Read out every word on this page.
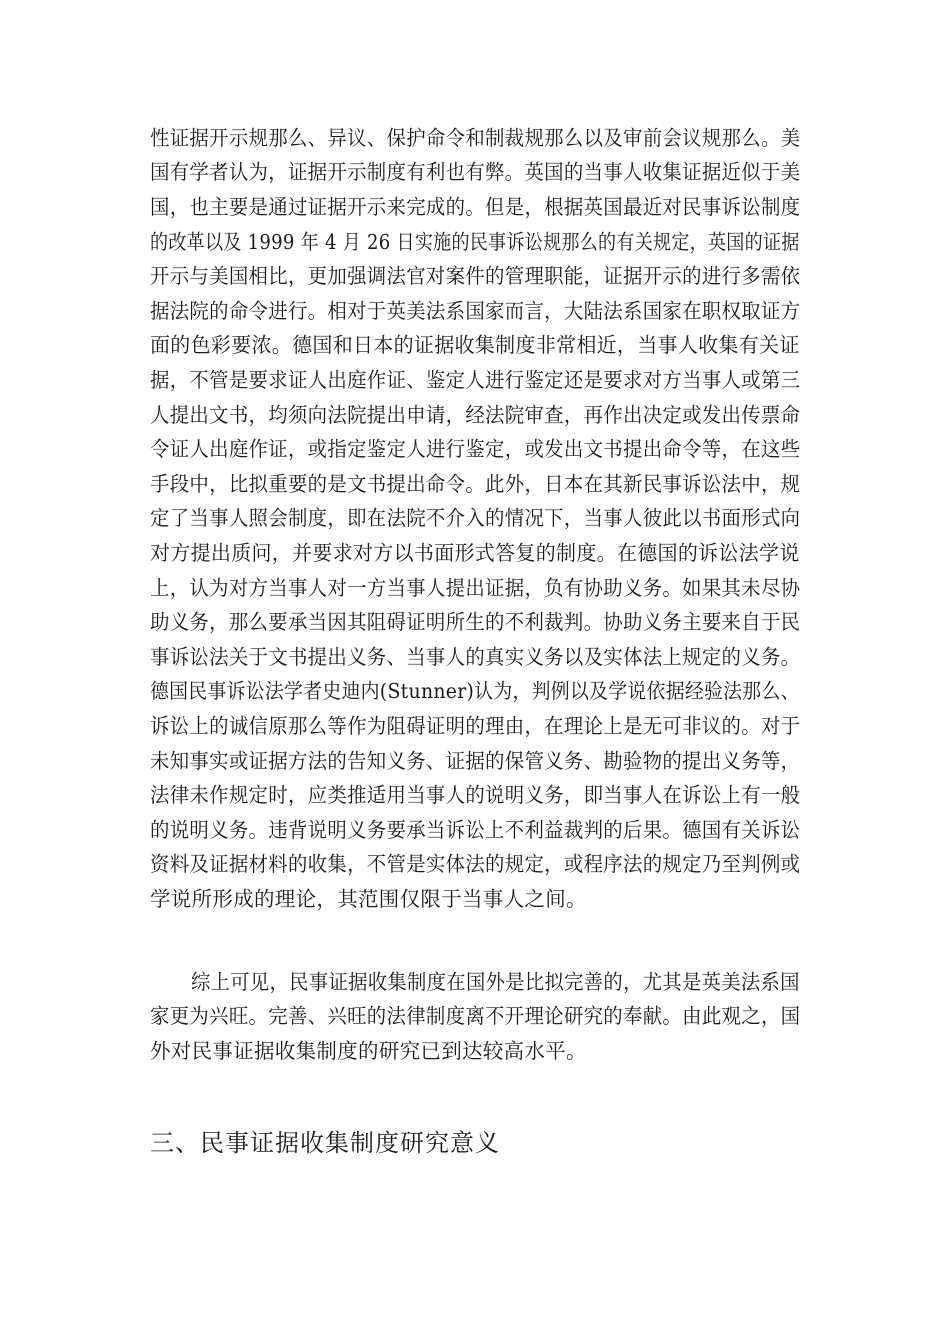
性证据开示规那么、异议、保护命令和制裁规那么以及审前会议规那么。美
国有学者认为，证据开示制度有利也有弊。英国的当事人收集证据近似于美
国，也主要是通过证据开示来完成的。但是，根据英国最近对民事诉讼制度
的改革以及 1999 年 4 月 26 日实施的民事诉讼规那么的有关规定，英国的证据
开示与美国相比，更加强调法官对案件的管理职能，证据开示的进行多需依
据法院的命令进行。相对于英美法系国家而言，大陆法系国家在职权取证方
面的色彩要浓。德国和日本的证据收集制度非常相近，当事人收集有关证
据，不管是要求证人出庭作证、鉴定人进行鉴定还是要求对方当事人或第三
人提出文书，均须向法院提出申请，经法院审查，再作出决定或发出传票命
令证人出庭作证，或指定鉴定人进行鉴定，或发出文书提出命令等，在这些
手段中，比拟重要的是文书提出命令。此外，日本在其新民事诉讼法中，规
定了当事人照会制度，即在法院不介入的情况下，当事人彼此以书面形式向
对方提出质问，并要求对方以书面形式答复的制度。在德国的诉讼法学说
上，认为对方当事人对一方当事人提出证据，负有协助义务。如果其未尽协
助义务，那么要承当因其阻碍证明所生的不利裁判。协助义务主要来自于民
事诉讼法关于文书提出义务、当事人的真实义务以及实体法上规定的义务。
德国民事诉讼法学者史迪内(Stunner)认为，判例以及学说依据经验法那么、
诉讼上的诚信原那么等作为阻碍证明的理由，在理论上是无可非议的。对于
未知事实或证据方法的告知义务、证据的保管义务、勘验物的提出义务等，
法律未作规定时，应类推适用当事人的说明义务，即当事人在诉讼上有一般
的说明义务。违背说明义务要承当诉讼上不利益裁判的后果。德国有关诉讼
资料及证据材料的收集，不管是实体法的规定，或程序法的规定乃至判例或
学说所形成的理论，其范围仅限于当事人之间。
综上可见，民事证据收集制度在国外是比拟完善的，尤其是英美法系国
家更为兴旺。完善、兴旺的法律制度离不开理论研究的奉献。由此观之，国
外对民事证据收集制度的研究已到达较高水平。
三、民事证据收集制度研究意义
